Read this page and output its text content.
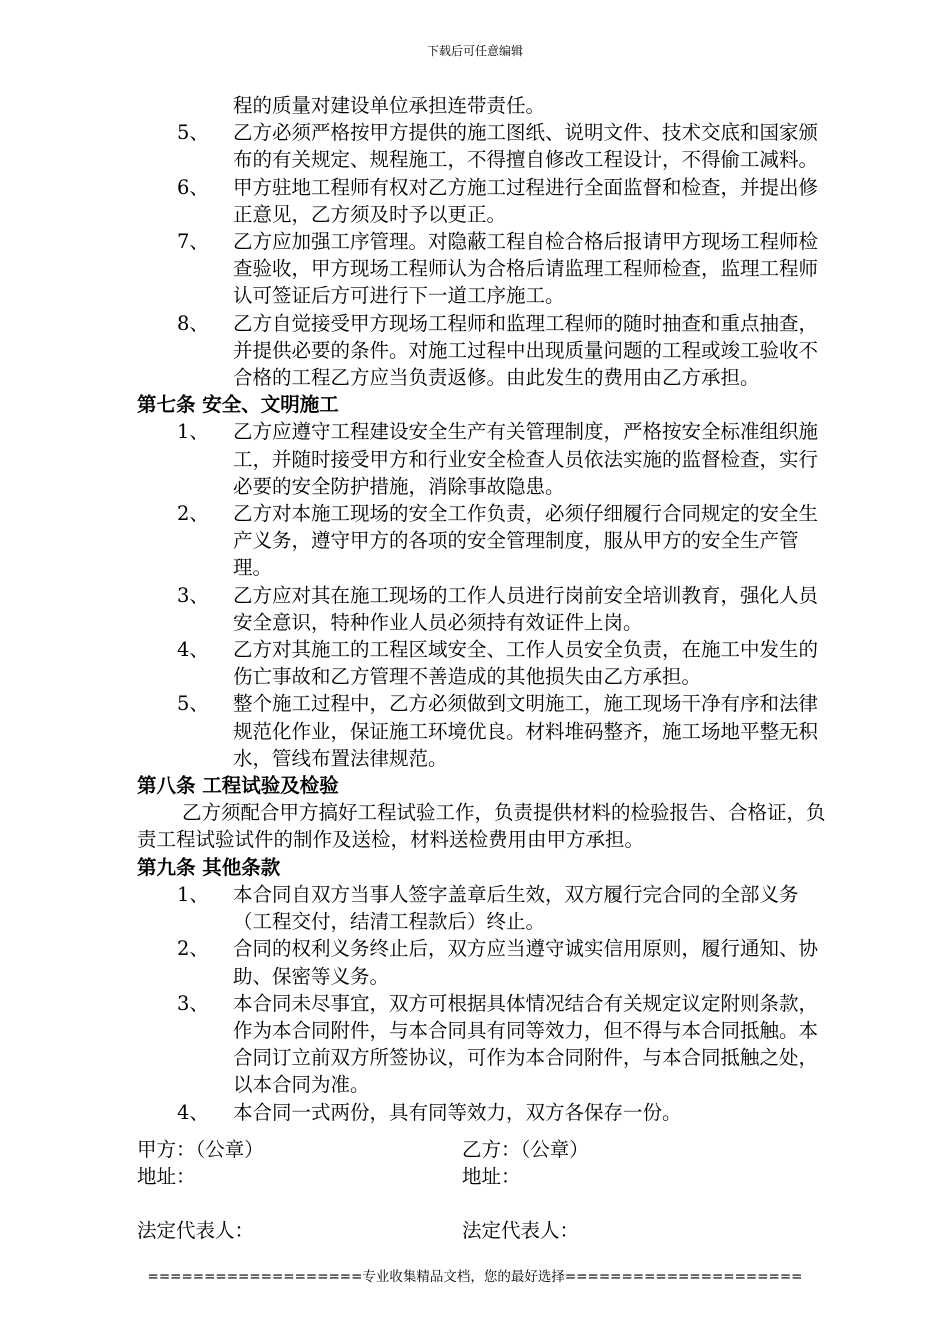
下载后可任意编辑
程的质量对建设单位承担连带责任。
5、 乙方必须严格按甲方提供的施工图纸、说明文件、技术交底和国家颁布的有关规定、规程施工，不得擅自修改工程设计，不得偷工减料。
6、 甲方驻地工程师有权对乙方施工过程进行全面监督和检查，并提出修正意见，乙方须及时予以更正。
7、 乙方应加强工序管理。对隐蔽工程自检合格后报请甲方现场工程师检查验收，甲方现场工程师认为合格后请监理工程师检查，监理工程师认可签证后方可进行下一道工序施工。
8、 乙方自觉接受甲方现场工程师和监理工程师的随时抽查和重点抽查，并提供必要的条件。对施工过程中出现质量问题的工程或竣工验收不合格的工程乙方应当负责返修。由此发生的费用由乙方承担。
第七条 安全、文明施工
1、 乙方应遵守工程建设安全生产有关管理制度，严格按安全标准组织施工，并随时接受甲方和行业安全检查人员依法实施的监督检查，实行必要的安全防护措施，消除事故隐患。
2、 乙方对本施工现场的安全工作负责，必须仔细履行合同规定的安全生产义务，遵守甲方的各项的安全管理制度，服从甲方的安全生产管理。
3、 乙方应对其在施工现场的工作人员进行岗前安全培训教育，强化人员安全意识，特种作业人员必须持有效证件上岗。
4、 乙方对其施工的工程区域安全、工作人员安全负责，在施工中发生的伤亡事故和乙方管理不善造成的其他损失由乙方承担。
5、 整个施工过程中，乙方必须做到文明施工，施工现场干净有序和法律规范化作业，保证施工环境优良。材料堆码整齐，施工场地平整无积水，管线布置法律规范。
第八条 工程试验及检验
乙方须配合甲方搞好工程试验工作，负责提供材料的检验报告、合格证，负责工程试验试件的制作及送检，材料送检费用由甲方承担。
第九条 其他条款
1、 本合同自双方当事人签字盖章后生效，双方履行完合同的全部义务（工程交付，结清工程款后）终止。
2、 合同的权利义务终止后，双方应当遵守诚实信用原则，履行通知、协助、保密等义务。
3、 本合同未尽事宜，双方可根据具体情况结合有关规定议定附则条款，作为本合同附件，与本合同具有同等效力，但不得与本合同抵触。本合同订立前双方所签协议，可作为本合同附件，与本合同抵触之处，以本合同为准。
4、 本合同一式两份，具有同等效力，双方各保存一份。
甲方：（公章）	乙方：（公章）
地址：	地址：
法定代表人：	法定代表人：
===================专业收集精品文档，您的最好选择=====================
